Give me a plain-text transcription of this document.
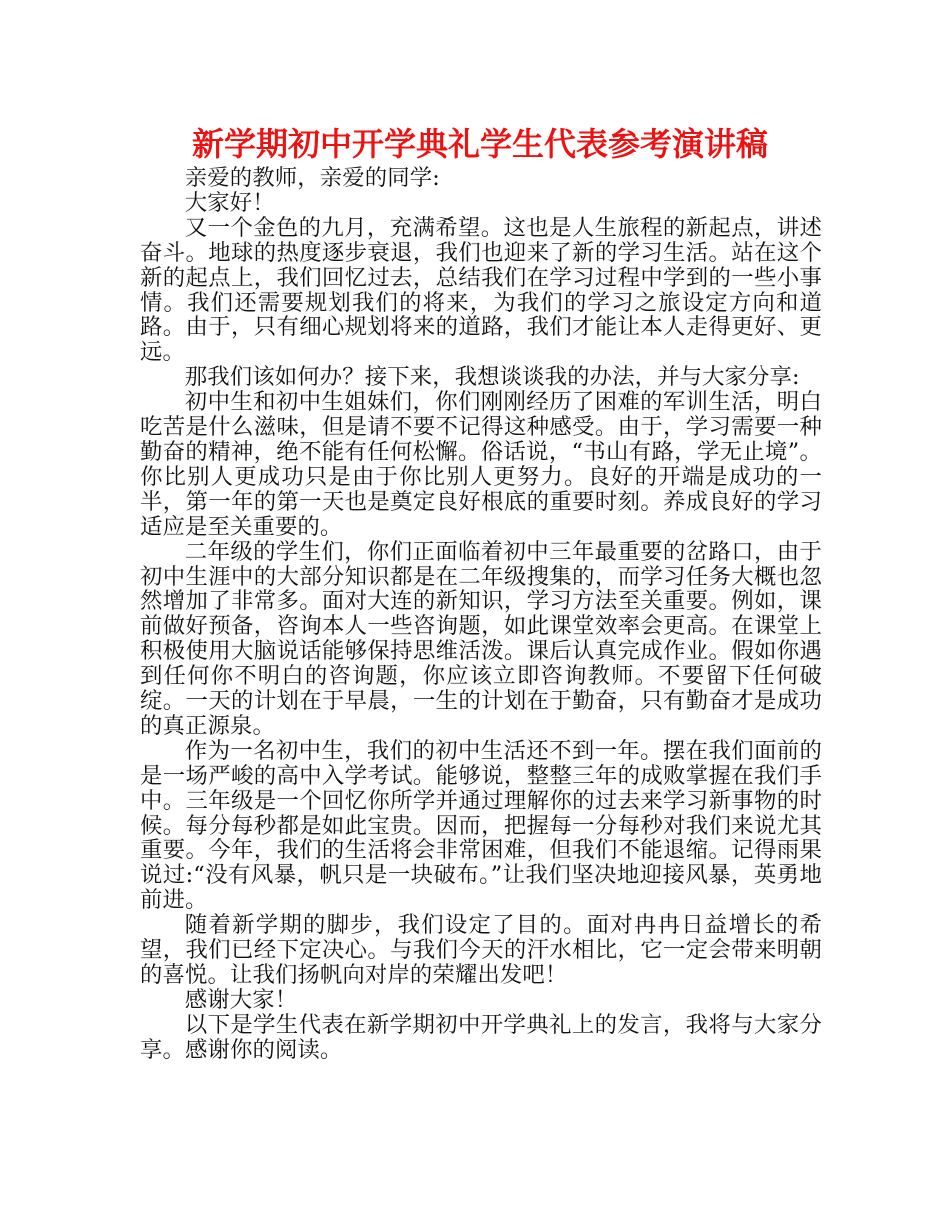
新学期初中开学典礼学生代表参考演讲稿

亲爱的教师，亲爱的同学:

大家好！

又一个金色的九月，充满希望。这也是人生旅程的新起点，讲述奋斗。地球的热度逐步衰退，我们也迎来了新的学习生活。站在这个新的起点上，我们回忆过去，总结我们在学习过程中学到的一些小事情。我们还需要规划我们的将来，为我们的学习之旅设定方向和道路。由于，只有细心规划将来的道路，我们才能让本人走得更好、更远。

那我们该如何办？接下来，我想谈谈我的办法，并与大家分享:

初中生和初中生姐妹们，你们刚刚经历了困难的军训生活，明白吃苦是什么滋味，但是请不要不记得这种感受。由于，学习需要一种勤奋的精神，绝不能有任何松懈。俗话说，“书山有路，学无止境”。你比别人更成功只是由于你比别人更努力。良好的开端是成功的一半，第一年的第一天也是奠定良好根底的重要时刻。养成良好的学习适应是至关重要的。

二年级的学生们，你们正面临着初中三年最重要的岔路口，由于初中生涯中的大部分知识都是在二年级搜集的，而学习任务大概也忽然增加了非常多。面对大连的新知识，学习方法至关重要。例如，课前做好预备，咨询本人一些咨询题，如此课堂效率会更高。在课堂上积极使用大脑说话能够保持思维活泼。课后认真完成作业。假如你遇到任何你不明白的咨询题，你应该立即咨询教师。不要留下任何破绽。一天的计划在于早晨，一生的计划在于勤奋，只有勤奋才是成功的真正源泉。

作为一名初中生，我们的初中生活还不到一年。摆在我们面前的是一场严峻的高中入学考试。能够说，整整三年的成败掌握在我们手中。三年级是一个回忆你所学并通过理解你的过去来学习新事物的时候。每分每秒都是如此宝贵。因而，把握每一分每秒对我们来说尤其重要。今年，我们的生活将会非常困难，但我们不能退缩。记得雨果说过:“没有风暴，帆只是一块破布。”让我们坚决地迎接风暴，英勇地前进。

随着新学期的脚步，我们设定了目的。面对冉冉日益增长的希望，我们已经下定决心。与我们今天的汗水相比，它一定会带来明朝的喜悦。让我们扬帆向对岸的荣耀出发吧！

感谢大家！

以下是学生代表在新学期初中开学典礼上的发言，我将与大家分享。感谢你的阅读。
